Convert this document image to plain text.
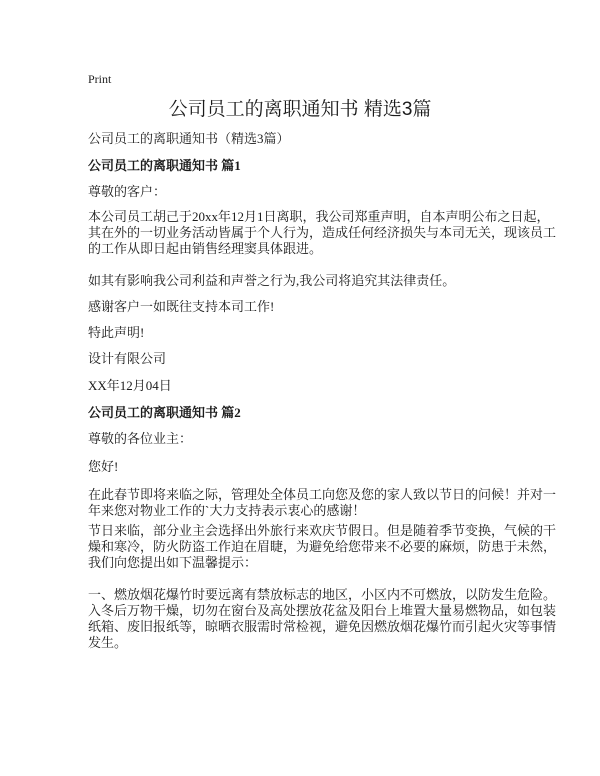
Print
公司员工的离职通知书 精选3篇
公司员工的离职通知书（精选3篇）
公司员工的离职通知书 篇1
尊敬的客户：
本公司员工胡己于20xx年12月1日离职，我公司郑重声明，自本声明公布之日起，
其在外的一切业务活动皆属于个人行为，造成任何经济损失与本司无关，现该员工
的工作从即日起由销售经理窦具体跟进。
如其有影响我公司利益和声誉之行为,我公司将追究其法律责任。
感谢客户一如既往支持本司工作!
特此声明!
设计有限公司
XX年12月04日
公司员工的离职通知书 篇2
尊敬的各位业主：
您好!
在此春节即将来临之际，管理处全体员工向您及您的家人致以节日的问候！并对一
年来您对物业工作的`大力支持表示衷心的感谢！
节日来临，部分业主会选择出外旅行来欢庆节假日。但是随着季节变换，气候的干
燥和寒冷，防火防盗工作迫在眉睫，为避免给您带来不必要的麻烦，防患于未然，
我们向您提出如下温馨提示：
一、燃放烟花爆竹时要远离有禁放标志的地区，小区内不可燃放，以防发生危险。
入冬后万物干燥，切勿在窗台及高处摆放花盆及阳台上堆置大量易燃物品，如包装
纸箱、废旧报纸等，晾晒衣服需时常检视，避免因燃放烟花爆竹而引起火灾等事情
发生。
